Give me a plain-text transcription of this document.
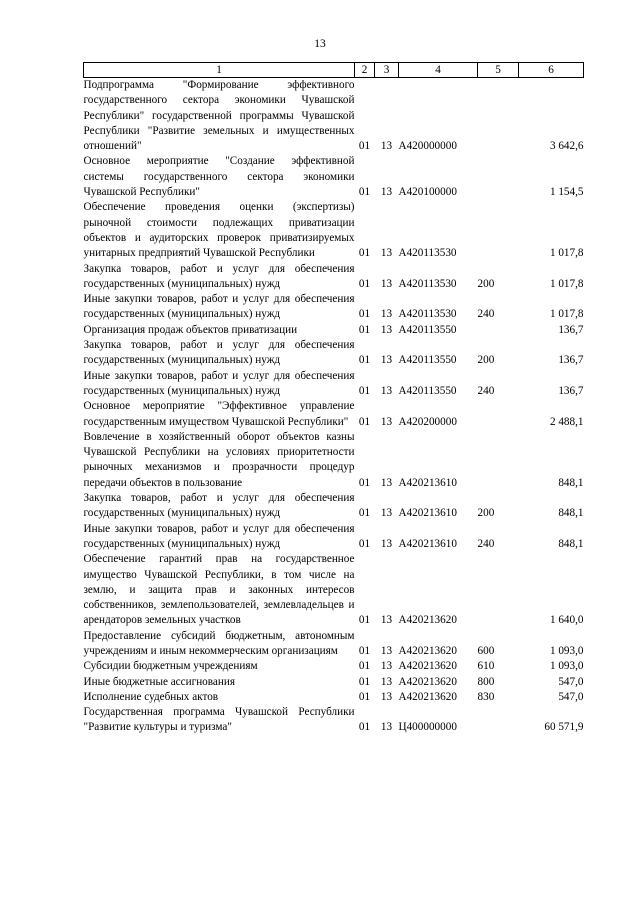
13
1	2	3	4	5	6
Подпрограмма "Формирование эффективного государственного сектора экономики Чувашской Республики" государственной программы Чувашской Республики "Развитие земельных и имущественных отношений"	01	13	А420000000		3 642,6
Основное мероприятие "Создание эффективной системы государственного сектора экономики Чувашской Республики"	01	13	А420100000		1 154,5
Обеспечение проведения оценки (экспертизы) рыночной стоимости подлежащих приватизации объектов и аудиторских проверок приватизируемых унитарных предприятий Чувашской Республики	01	13	А420113530		1 017,8
Закупка товаров, работ и услуг для обеспечения государственных (муниципальных) нужд	01	13	А420113530	200	1 017,8
Иные закупки товаров, работ и услуг для обеспечения государственных (муниципальных) нужд	01	13	А420113530	240	1 017,8
Организация продаж объектов приватизации	01	13	А420113550		136,7
Закупка товаров, работ и услуг для обеспечения государственных (муниципальных) нужд	01	13	А420113550	200	136,7
Иные закупки товаров, работ и услуг для обеспечения государственных (муниципальных) нужд	01	13	А420113550	240	136,7
Основное мероприятие "Эффективное управление государственным имуществом Чувашской Республики"	01	13	А420200000		2 488,1
Вовлечение в хозяйственный оборот объектов казны Чувашской Республики на условиях приоритетности рыночных механизмов и прозрачности процедур передачи объектов в пользование	01	13	А420213610		848,1
Закупка товаров, работ и услуг для обеспечения государственных (муниципальных) нужд	01	13	А420213610	200	848,1
Иные закупки товаров, работ и услуг для обеспечения государственных (муниципальных) нужд	01	13	А420213610	240	848,1
Обеспечение гарантий прав на государственное имущество Чувашской Республики, в том числе на землю, и защита прав и законных интересов собственников, землепользователей, землевладельцев и арендаторов земельных участков	01	13	А420213620		1 640,0
Предоставление субсидий бюджетным, автономным учреждениям и иным некоммерческим организациям	01	13	А420213620	600	1 093,0
Субсидии бюджетным учреждениям	01	13	А420213620	610	1 093,0
Иные бюджетные ассигнования	01	13	А420213620	800	547,0
Исполнение судебных актов	01	13	А420213620	830	547,0
Государственная программа Чувашской Республики "Развитие культуры и туризма"	01	13	Ц400000000		60 571,9
